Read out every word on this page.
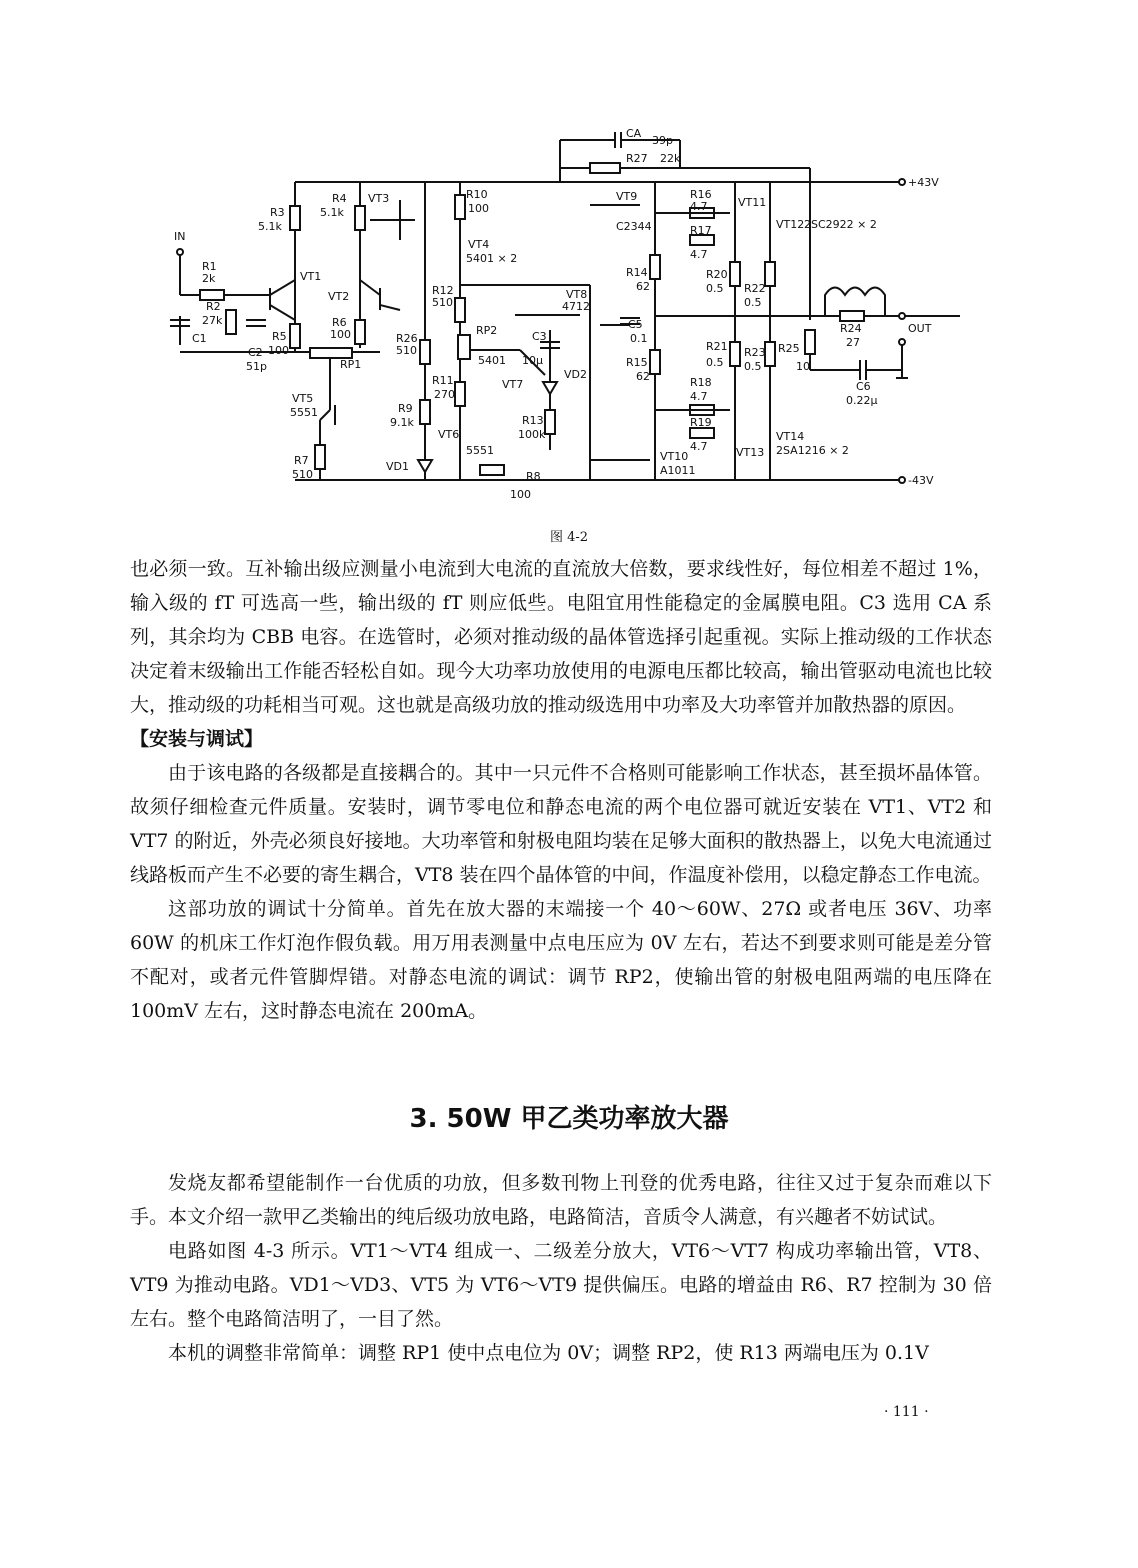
CA
39p
R27 22k
+43V
-43V
IN
OUT
R1
2k
R2
27k
C1
C2
51p
R3
5.1k
R4
5.1k
VT1
VT2
VT3
VT4
5401 × 2
R5
100
R6
100
RP1
VT5
5551
R7
510
R10
100
R12
510
R26
510
R11
270
R9
9.1k
VD1
VT6
5551
R8
100
RP2
5401
VT7
VT8
4712
C3
10μ
VD2
R13
100k
C5
0.1
VT9
C2344
VT10
A1011
R14
62
R15
62
R16
4.7
R17
4.7
R18
4.7
R19
4.7
VT11
VT12 2SC2922 × 2
VT13
VT14
2SA1216 × 2
R20
0.5
R21
0.5
R22
0.5
R23
0.5
R24
27
R25
10
C6
0.22μ
图 4-2

也必须一致。互补输出级应测量小电流到大电流的直流放大倍数，要求线性好，每位相差不超过 1%，输入级的 fT 可选高一些，输出级的 fT 则应低些。电阻宜用性能稳定的金属膜电阻。C3 选用 CA 系列，其余均为 CBB 电容。在选管时，必须对推动级的晶体管选择引起重视。实际上推动级的工作状态决定着末级输出工作能否轻松自如。现今大功率功放使用的电源电压都比较高，输出管驱动电流也比较大，推动级的功耗相当可观。这也就是高级功放的推动级选用中功率及大功率管并加散热器的原因。

【安装与调试】

由于该电路的各级都是直接耦合的。其中一只元件不合格则可能影响工作状态，甚至损坏晶体管。故须仔细检查元件质量。安装时，调节零电位和静态电流的两个电位器可就近安装在 VT1、VT2 和 VT7 的附近，外壳必须良好接地。大功率管和射极电阻均装在足够大面积的散热器上，以免大电流通过线路板而产生不必要的寄生耦合，VT8 装在四个晶体管的中间，作温度补偿用，以稳定静态工作电流。

这部功放的调试十分简单。首先在放大器的末端接一个 40～60W、27Ω 或者电压 36V、功率 60W 的机床工作灯泡作假负载。用万用表测量中点电压应为 0V 左右，若达不到要求则可能是差分管不配对，或者元件管脚焊错。对静态电流的调试：调节 RP2，使输出管的射极电阻两端的电压降在 100mV 左右，这时静态电流在 200mA。

3. 50W 甲乙类功率放大器

发烧友都希望能制作一台优质的功放，但多数刊物上刊登的优秀电路，往往又过于复杂而难以下手。本文介绍一款甲乙类输出的纯后级功放电路，电路简洁，音质令人满意，有兴趣者不妨试试。

电路如图 4-3 所示。VT1～VT4 组成一、二级差分放大，VT6～VT7 构成功率输出管，VT8、VT9 为推动电路。VD1～VD3、VT5 为 VT6～VT9 提供偏压。电路的增益由 R6、R7 控制为 30 倍左右。整个电路简洁明了，一目了然。

本机的调整非常简单：调整 RP1 使中点电位为 0V；调整 RP2，使 R13 两端电压为 0.1V

· 111 ·
